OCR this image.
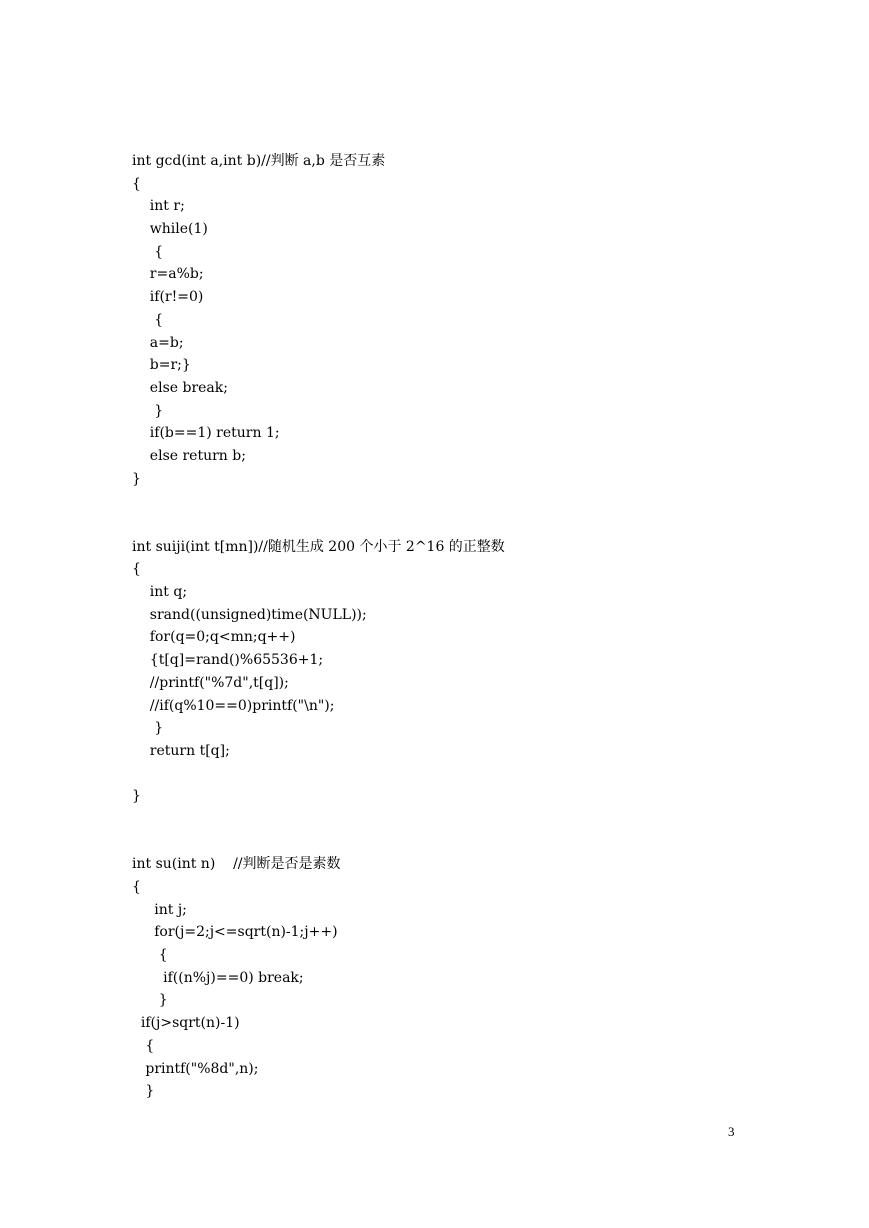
int gcd(int a,int b)//判断 a,b 是否互素
{
int r;
while(1)
{
r=a%b;
if(r!=0)
{
a=b;
b=r;}
else break;
}
if(b==1) return 1;
else return b;
}
int suiji(int t[mn])//随机生成 200 个小于 2^16 的正整数
{
int q;
srand((unsigned)time(NULL));
for(q=0;q<mn;q++)
{t[q]=rand()%65536+1;
//printf("%7d",t[q]);
//if(q%10==0)printf("\n");
}
return t[q];
}
int su(int n)    //判断是否是素数
{
int j;
for(j=2;j<=sqrt(n)-1;j++)
{
if((n%j)==0) break;
}
if(j>sqrt(n)-1)
{
printf("%8d",n);
}
3
